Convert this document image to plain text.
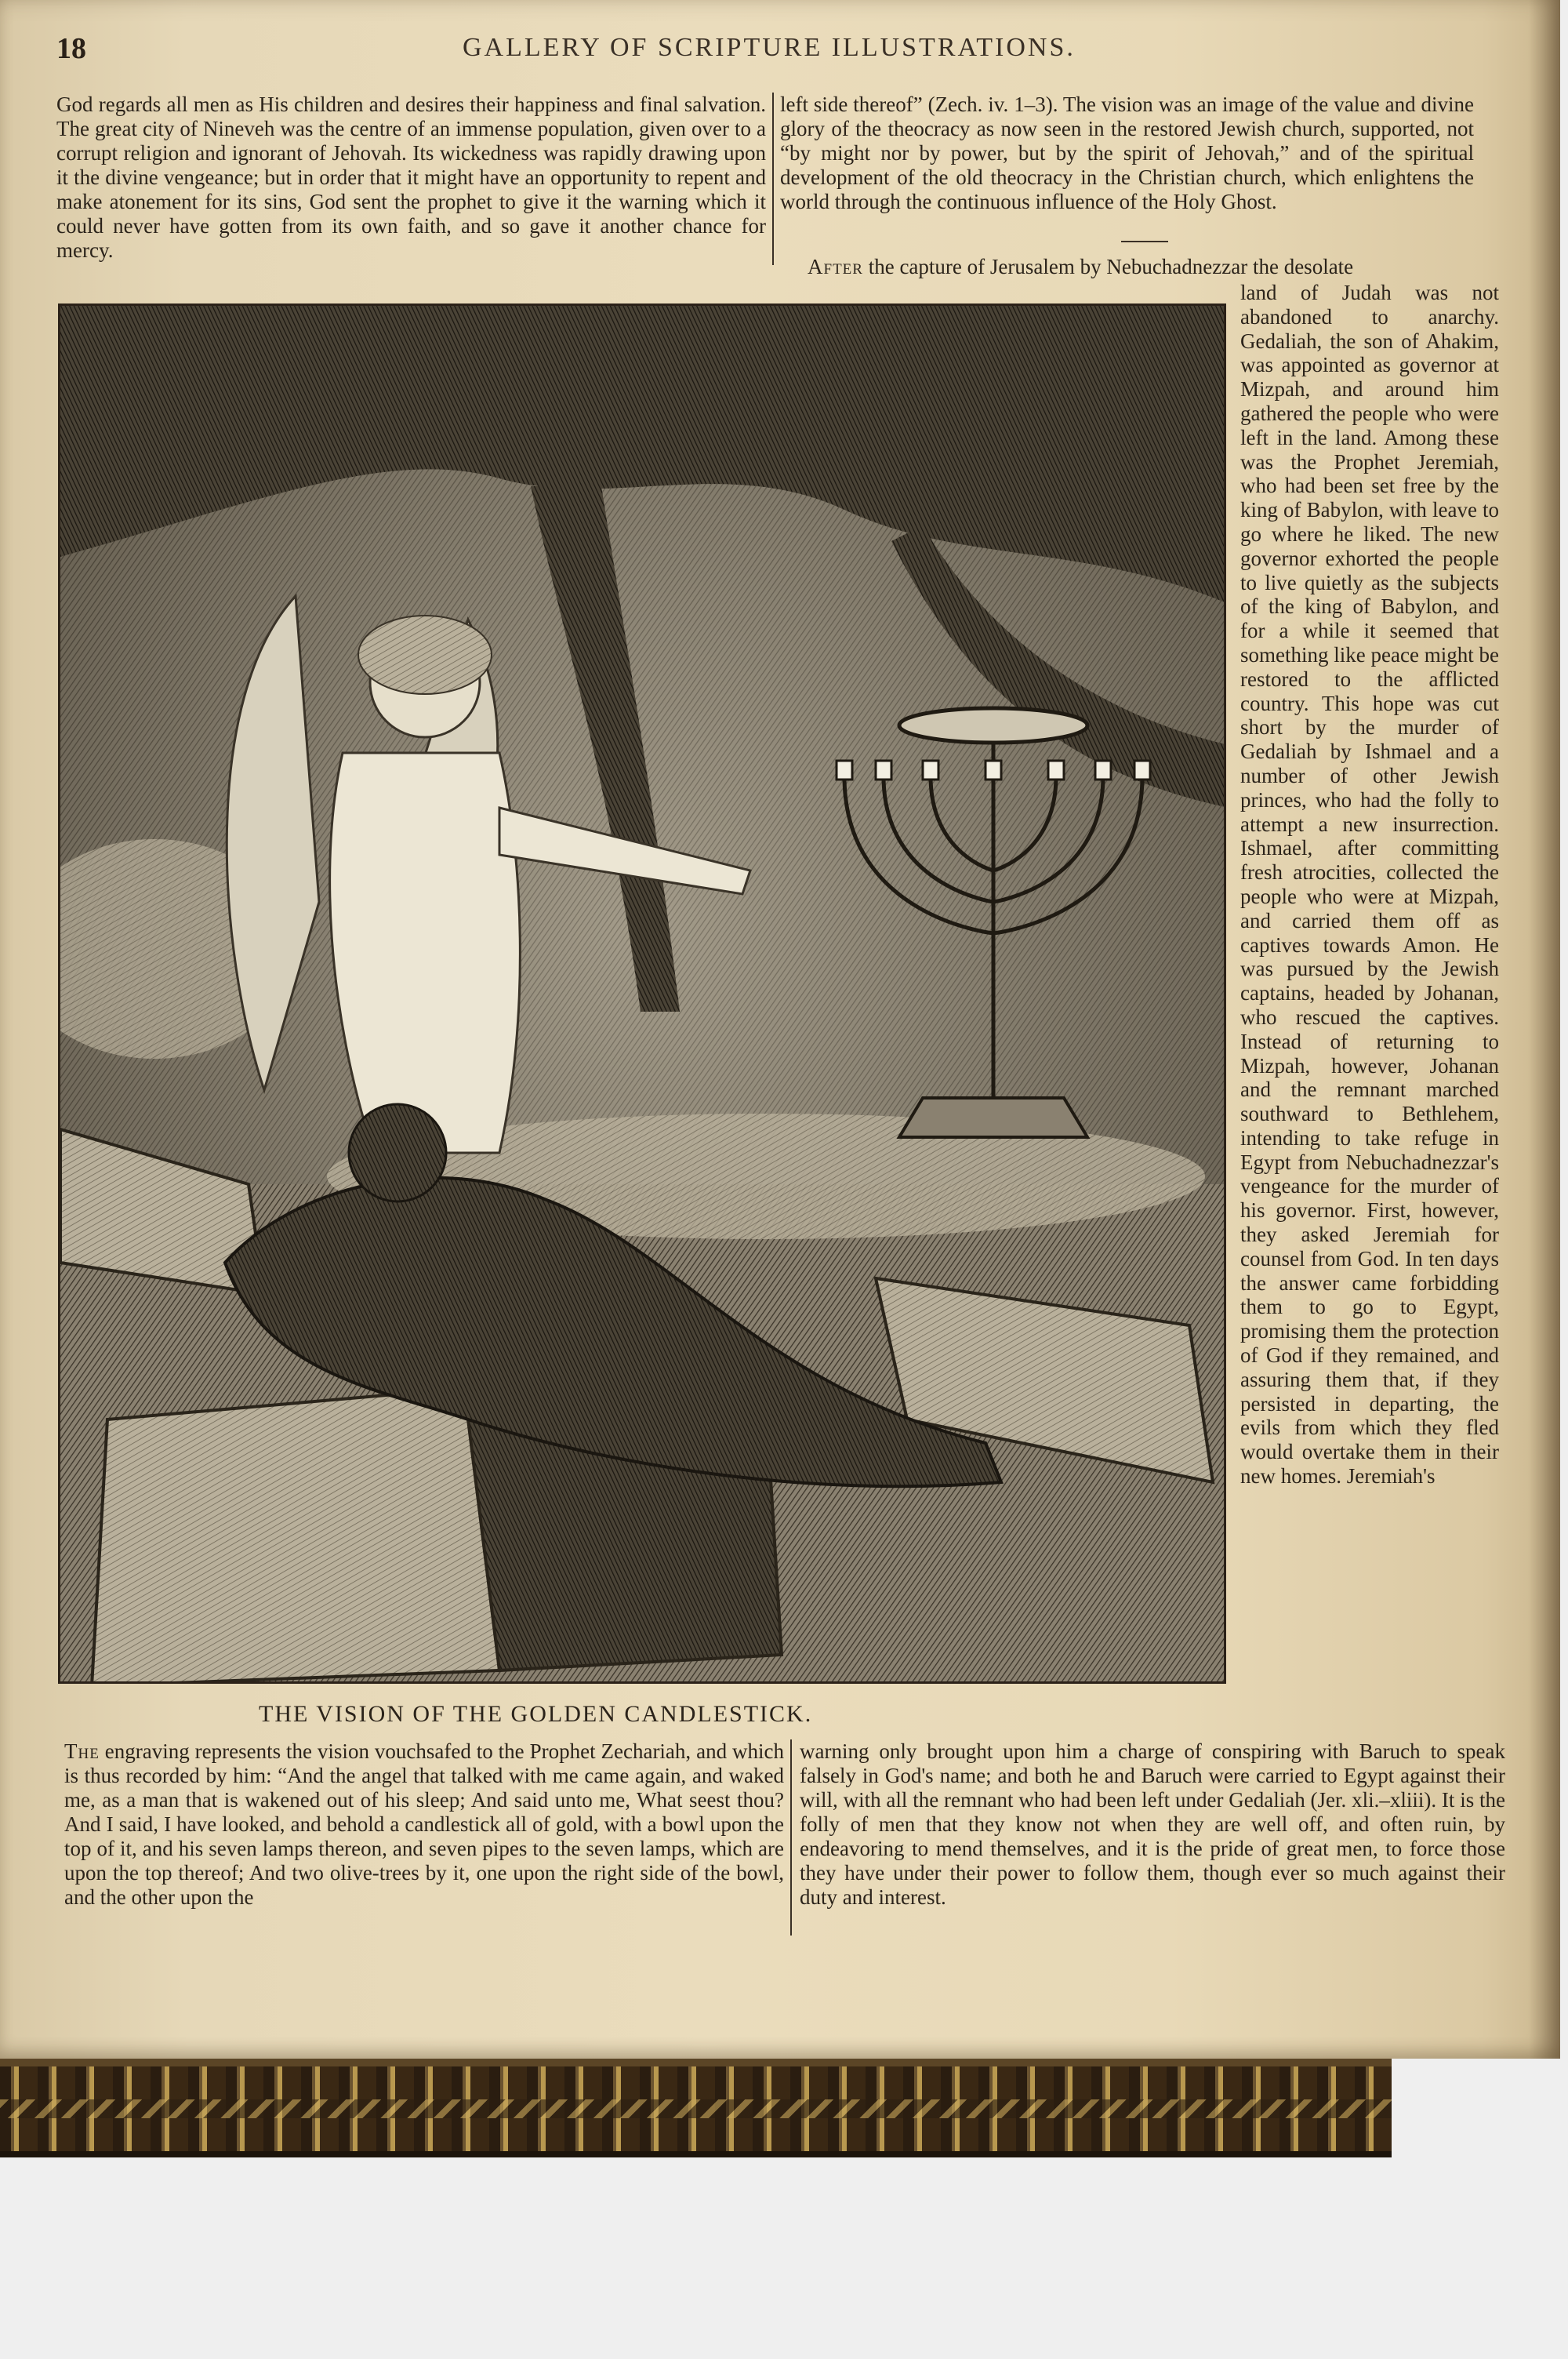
18	GALLERY OF SCRIPTURE ILLUSTRATIONS.
God regards all men as His children and desires their happiness and final salvation. The great city of Nineveh was the centre of an immense population, given over to a corrupt religion and ignorant of Jehovah. Its wickedness was rapidly drawing upon it the divine vengeance; but in order that it might have an opportunity to repent and make atonement for its sins, God sent the prophet to give it the warning which it could never have gotten from its own faith, and so gave it another chance for mercy.
left side thereof” (Zech. iv. 1–3). The vision was an image of the value and divine glory of the theocracy as now seen in the restored Jewish church, supported, not “by might nor by power, but by the spirit of Jehovah,” and of the spiritual development of the old theocracy in the Christian church, which enlightens the world through the continuous influence of the Holy Ghost.
After the capture of Jerusalem by Nebuchadnezzar the desolate
land of Judah was not abandoned to anarchy. Gedaliah, the son of Ahakim, was appointed as governor at Mizpah, and around him gathered the people who were left in the land. Among these was the Prophet Jeremiah, who had been set free by the king of Babylon, with leave to go where he liked. The new governor exhorted the people to live quietly as the subjects of the king of Babylon, and for a while it seemed that something like peace might be restored to the afflicted country. This hope was cut short by the murder of Gedaliah by Ishmael and a number of other Jewish princes, who had the folly to attempt a new insurrection. Ishmael, after committing fresh atrocities, collected the people who were at Mizpah, and carried them off as captives towards Amon. He was pursued by the Jewish captains, headed by Johanan, who rescued the captives. Instead of returning to Mizpah, however, Johanan and the remnant marched southward to Bethlehem, intending to take refuge in Egypt from Nebuchadnezzar's vengeance for the murder of his governor. First, however, they asked Jeremiah for counsel from God. In ten days the answer came forbidding them to go to Egypt, promising them the protection of God if they remained, and assuring them that, if they persisted in departing, the evils from which they fled would overtake them in their new homes. Jeremiah's
THE VISION OF THE GOLDEN CANDLESTICK.
The engraving represents the vision vouchsafed to the Prophet Zechariah, and which is thus recorded by him: “And the angel that talked with me came again, and waked me, as a man that is wakened out of his sleep; And said unto me, What seest thou? And I said, I have looked, and behold a candlestick all of gold, with a bowl upon the top of it, and his seven lamps thereon, and seven pipes to the seven lamps, which are upon the top thereof; And two olive-trees by it, one upon the right side of the bowl, and the other upon the
warning only brought upon him a charge of conspiring with Baruch to speak falsely in God's name; and both he and Baruch were carried to Egypt against their will, with all the remnant who had been left under Gedaliah (Jer. xli.–xliii). It is the folly of men that they know not when they are well off, and often ruin, by endeavoring to mend themselves, and it is the pride of great men, to force those they have under their power to follow them, though ever so much against their duty and interest.
